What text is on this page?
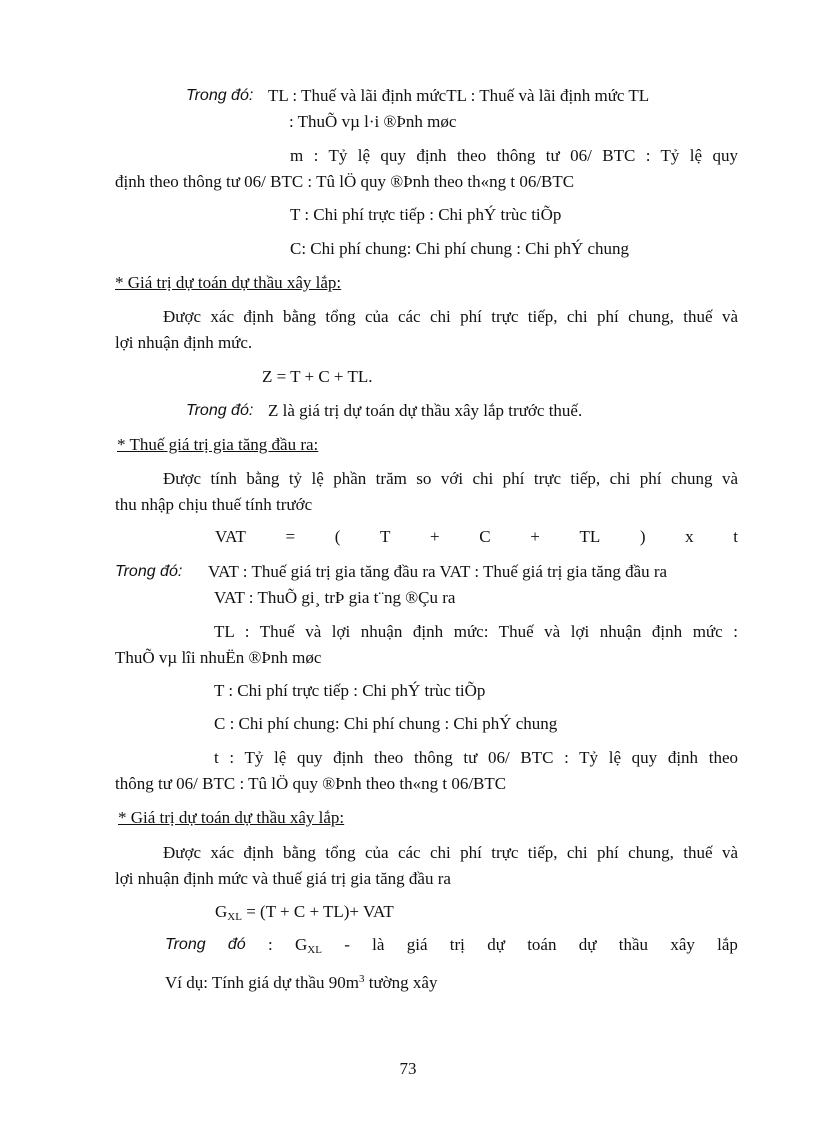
Trong đó: TL : Thuế và lãi định mứcTL : Thuế và lãi định mức TL
: ThuÕ vµ l·i ®Þnh møc
m : Tỷ lệ quy định theo thông tư 06/ BTC : Tỷ lệ quy
định theo thông tư 06/ BTC : Tû lÖ quy ®Þnh theo th«ng t 06/BTC
T : Chi phí trực tiếp : Chi phÝ trùc tiÕp
C: Chi phí chung: Chi phí chung : Chi phÝ chung
* Giá trị dự toán dự thầu xây lắp:
Được xác định bằng tổng của các chi phí trực tiếp, chi phí chung, thuế và
lợi nhuận định mức.
Z = T + C + TL.
Trong đó: Z là giá trị dự toán dự thầu xây lắp trước thuế.
* Thuế giá trị gia tăng đầu ra:
Được tính bằng tỷ lệ phần trăm so với chi phí trực tiếp, chi phí chung và
thu nhập chịu thuế tính trước
VAT = ( T + C + TL ) x t
Trong đó: VAT : Thuế giá trị gia tăng đầu ra VAT : Thuế giá trị gia tăng đầu ra
VAT : ThuÕ gi¸ trÞ gia t¨ng ®Çu ra
TL : Thuế và lợi nhuận định mức: Thuế và lợi nhuận định mức :
ThuÕ vµ lîi nhuËn ®Þnh møc
T : Chi phí trực tiếp : Chi phÝ trùc tiÕp
C : Chi phí chung: Chi phí chung : Chi phÝ chung
t : Tỷ lệ quy định theo thông tư 06/ BTC : Tỷ lệ quy định theo
thông tư 06/ BTC : Tû lÖ quy ®Þnh theo th«ng t 06/BTC
* Giá trị dự toán dự thầu xây lắp:
Được xác định bằng tổng của các chi phí trực tiếp, chi phí chung, thuế và
lợi nhuận định mức và thuế giá trị gia tăng đầu ra
$G_{XL} = (T + C + TL)+$ VAT
Trong đó : $G_{XL}$ - là giá trị dự toán dự thầu xây lắp
Ví dụ: Tính giá dự thầu $90m^3$ tường xây
73
